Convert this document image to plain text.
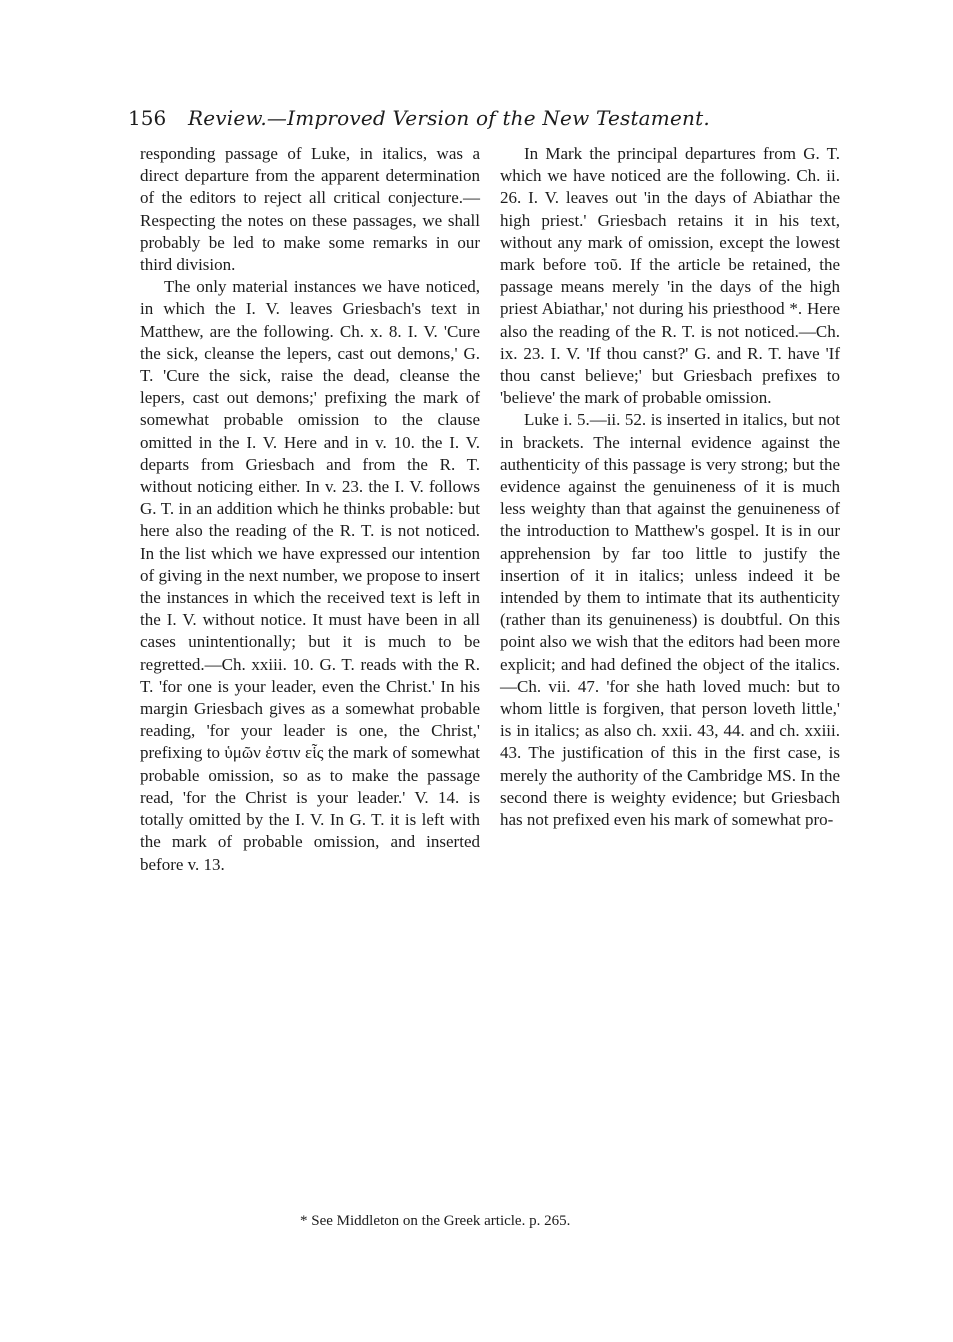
156 Review.—Improved Version of the New Testament.

responding passage of Luke, in italics, was a direct departure from the apparent determination of the editors to reject all critical conjecture.—Respecting the notes on these passages, we shall probably be led to make some remarks in our third division.

The only material instances we have noticed, in which the I. V. leaves Griesbach's text in Matthew, are the following. Ch. x. 8. I. V. 'Cure the sick, cleanse the lepers, cast out demons,' G. T. 'Cure the sick, raise the dead, cleanse the lepers, cast out demons;' prefixing the mark of somewhat probable omission to the clause omitted in the I. V. Here and in v. 10. the I. V. departs from Griesbach and from the R. T. without noticing either. In v. 23. the I. V. follows G. T. in an addition which he thinks probable: but here also the reading of the R. T. is not noticed. In the list which we have expressed our intention of giving in the next number, we propose to insert the instances in which the received text is left in the I. V. without notice. It must have been in all cases unintentionally; but it is much to be regretted.—Ch. xxiii. 10. G. T. reads with the R. T. 'for one is your leader, even the Christ.' In his margin Griesbach gives as a somewhat probable reading, 'for your leader is one, the Christ,' prefixing to ὑμῶν ἐστιν εἷς the mark of somewhat probable omission, so as to make the passage read, 'for the Christ is your leader.' V. 14. is totally omitted by the I. V. In G. T. it is left with the mark of probable omission, and inserted before v. 13.

In Mark the principal departures from G. T. which we have noticed are the following. Ch. ii. 26. I. V. leaves out 'in the days of Abiathar the high priest.' Griesbach retains it in his text, without any mark of omission, except the lowest mark before τοῦ. If the article be retained, the passage means merely 'in the days of the high priest Abiathar,' not during his priesthood *. Here also the reading of the R. T. is not noticed.—Ch. ix. 23. I. V. 'If thou canst?' G. and R. T. have 'If thou canst believe;' but Griesbach prefixes to 'believe' the mark of probable omission.

Luke i. 5.—ii. 52. is inserted in italics, but not in brackets. The internal evidence against the authenticity of this passage is very strong; but the evidence against the genuineness of it is much less weighty than that against the genuineness of the introduction to Matthew's gospel. It is in our apprehension by far too little to justify the insertion of it in italics; unless indeed it be intended by them to intimate that its authenticity (rather than its genuineness) is doubtful. On this point also we wish that the editors had been more explicit; and had defined the object of the italics.—Ch. vii. 47. 'for she hath loved much: but to whom little is forgiven, that person loveth little,' is in italics; as also ch. xxii. 43, 44. and ch. xxiii. 43. The justification of this in the first case, is merely the authority of the Cambridge MS. In the second there is weighty evidence; but Griesbach has not prefixed even his mark of somewhat pro-

* See Middleton on the Greek article. p. 265.
